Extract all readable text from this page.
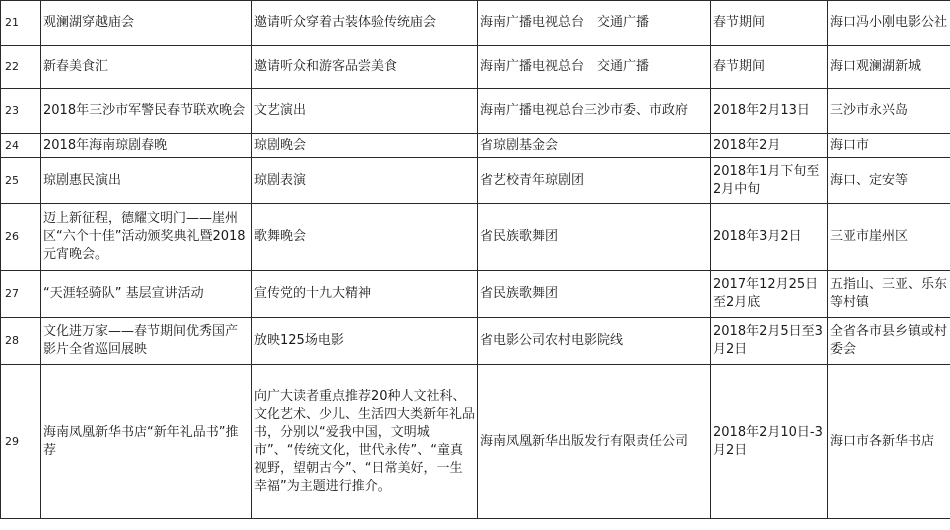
21	观澜湖穿越庙会	邀请听众穿着古装体验传统庙会	海南广播电视总台　交通广播	春节期间	海口冯小刚电影公社
22	新春美食汇	邀请听众和游客品尝美食	海南广播电视总台　交通广播	春节期间	海口观澜湖新城
23	2018年三沙市军警民春节联欢晚会	文艺演出	海南广播电视总台三沙市委、市政府	2018年2月13日	三沙市永兴岛
24	2018年海南琼剧春晚	琼剧晚会	省琼剧基金会	2018年2月	海口市
25	琼剧惠民演出	琼剧表演	省艺校青年琼剧团	2018年1月下旬至2月中旬	海口、定安等
26	迈上新征程，德耀文明门——崖州区“六个十佳”活动颁奖典礼暨2018元宵晚会。	歌舞晚会	省民族歌舞团	2018年3月2日	三亚市崖州区
27	“天涯轻骑队” 基层宣讲活动	宣传党的十九大精神	省民族歌舞团	2017年12月25日至2月底	五指山、三亚、乐东等村镇
28	文化进万家——春节期间优秀国产影片全省巡回展映	放映125场电影	省电影公司农村电影院线	2018年2月5日至3月2日	全省各市县乡镇或村委会
29	海南凤凰新华书店“新年礼品书”推荐	向广大读者重点推荐20种人文社科、文化艺术、少儿、生活四大类新年礼品书，分别以“爱我中国，文明城市”、“传统文化，世代永传”、“童真视野，望朝古今”、“日常美好，一生幸福”为主题进行推介。	海南凤凰新华出版发行有限责任公司	2018年2月10日-3月2日	海口市各新华书店
